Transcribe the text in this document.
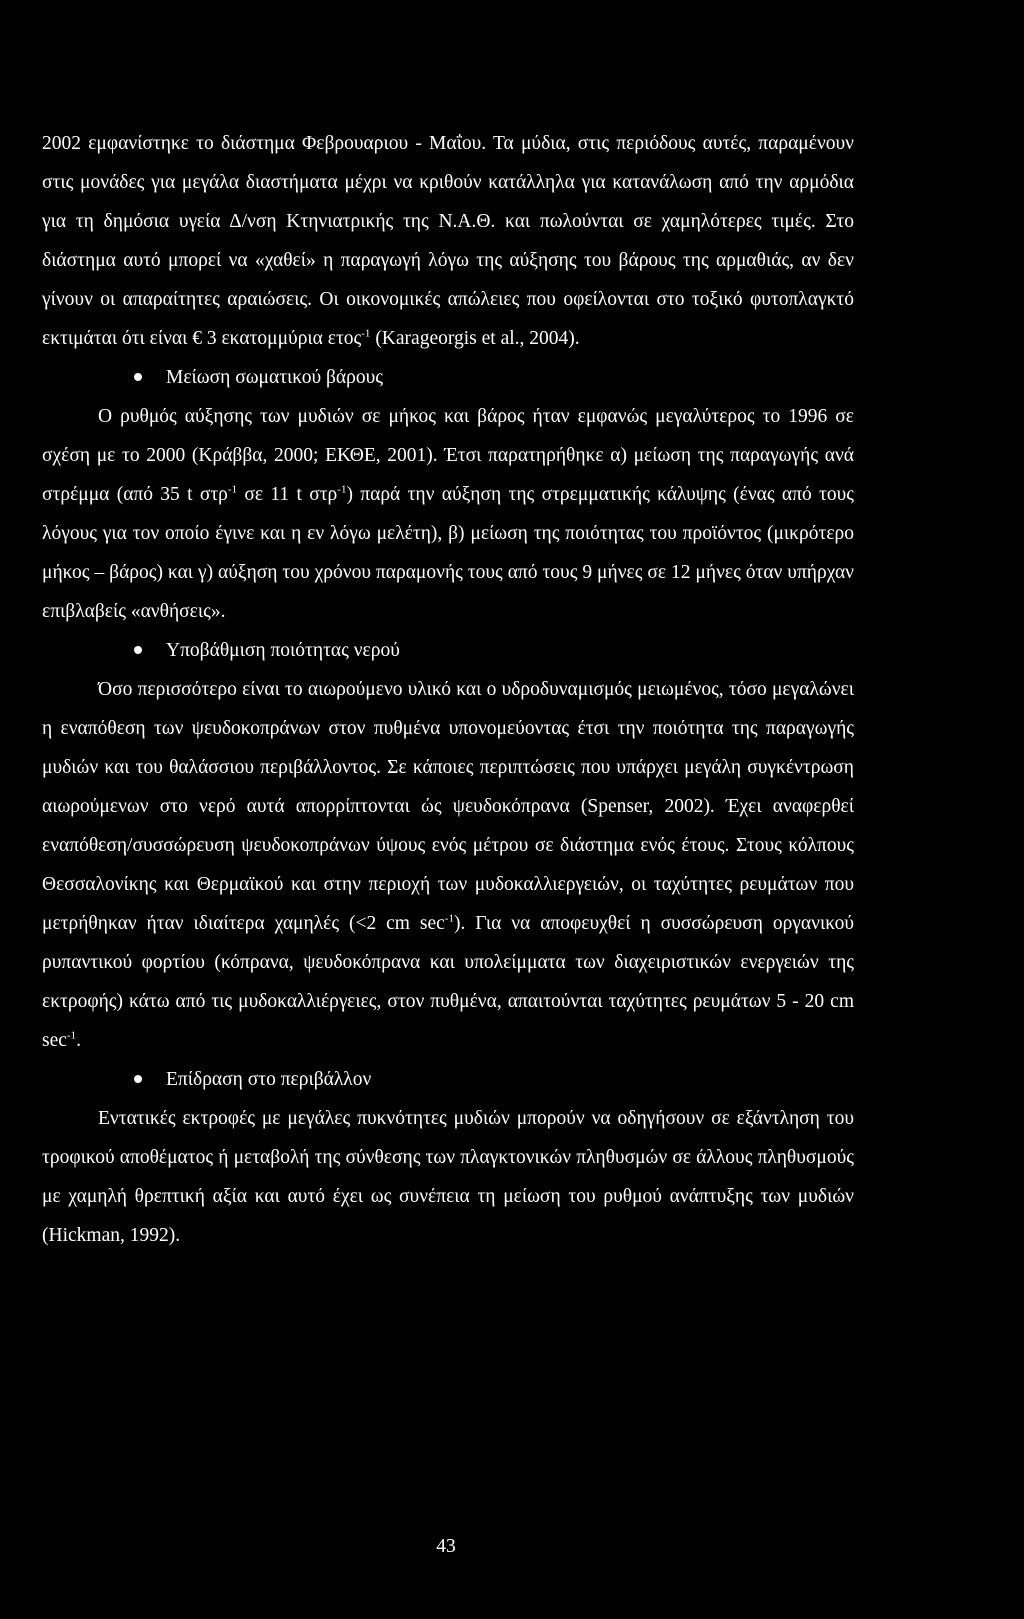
2002 εμφανίστηκε το διάστημα Φεβρουαριου - Μαΐου. Τα μύδια, στις περιόδους αυτές, παραμένουν στις μονάδες για μεγάλα διαστήματα μέχρι να κριθούν κατάλληλα για κατανάλωση από την αρμόδια για τη δημόσια υγεία Δ/νση Κτηνιατρικής της Ν.Α.Θ. και πωλούνται σε χαμηλότερες τιμές. Στο διάστημα αυτό μπορεί να «χαθεί» η παραγωγή λόγω της αύξησης του βάρους της αρμαθιάς, αν δεν γίνουν οι απαραίτητες αραιώσεις. Οι οικονομικές απώλειες που οφείλονται στο τοξικό φυτοπλαγκτό εκτιμάται ότι είναι € 3 εκατομμύρια ετος$^{-1}$ (Karageorgis et al., 2004).

Μείωση σωματικού βάρους

Ο ρυθμός αύξησης των μυδιών σε μήκος και βάρος ήταν εμφανώς μεγαλύτερος το 1996 σε σχέση με το 2000 (Κράββα, 2000; ΕΚΘΕ, 2001). Έτσι παρατηρήθηκε α) μείωση της παραγωγής ανά στρέμμα (από 35 t στρ$^{-1}$ σε 11 t στρ$^{-1}$) παρά την αύξηση της στρεμματικής κάλυψης (ένας από τους λόγους για τον οποίο έγινε και η εν λόγω μελέτη), β) μείωση της ποιότητας του προϊόντος (μικρότερο μήκος – βάρος) και γ) αύξηση του χρόνου παραμονής τους από τους 9 μήνες σε 12 μήνες όταν υπήρχαν επιβλαβείς «ανθήσεις».

Υποβάθμιση ποιότητας νερού

Όσο περισσότερο είναι το αιωρούμενο υλικό και ο υδροδυναμισμός μειωμένος, τόσο μεγαλώνει η εναπόθεση των ψευδοκοπράνων στον πυθμένα υπονομεύοντας έτσι την ποιότητα της παραγωγής μυδιών και του θαλάσσιου περιβάλλοντος. Σε κάποιες περιπτώσεις που υπάρχει μεγάλη συγκέντρωση αιωρούμενων στο νερό αυτά απορρίπτονται ώς ψευδοκόπρανα (Spenser, 2002). Έχει αναφερθεί εναπόθεση/συσσώρευση ψευδοκοπράνων ύψους ενός μέτρου σε διάστημα ενός έτους. Στους κόλπους Θεσσαλονίκης και Θερμαϊκού και στην περιοχή των μυδοκαλλιεργειών, οι ταχύτητες ρευμάτων που μετρήθηκαν ήταν ιδιαίτερα χαμηλές (<2 cm $\sec^{-1}$). Για να αποφευχθεί η συσσώρευση οργανικού ρυπαντικού φορτίου (κόπρανα, ψευδοκόπρανα και υπολείμματα των διαχειριστικών ενεργειών της εκτροφής) κάτω από τις μυδοκαλλιέργειες, στον πυθμένα, απαιτούνται ταχύτητες ρευμάτων 5 - 20 cm $\sec^{-1}$.

Επίδραση στο περιβάλλον

Εντατικές εκτροφές με μεγάλες πυκνότητες μυδιών μπορούν να οδηγήσουν σε εξάντληση του τροφικού αποθέματος ή μεταβολή της σύνθεσης των πλαγκτονικών πληθυσμών σε άλλους πληθυσμούς με χαμηλή θρεπτική αξία και αυτό έχει ως συνέπεια τη μείωση του ρυθμού ανάπτυξης των μυδιών (Hickman, 1992).

43
